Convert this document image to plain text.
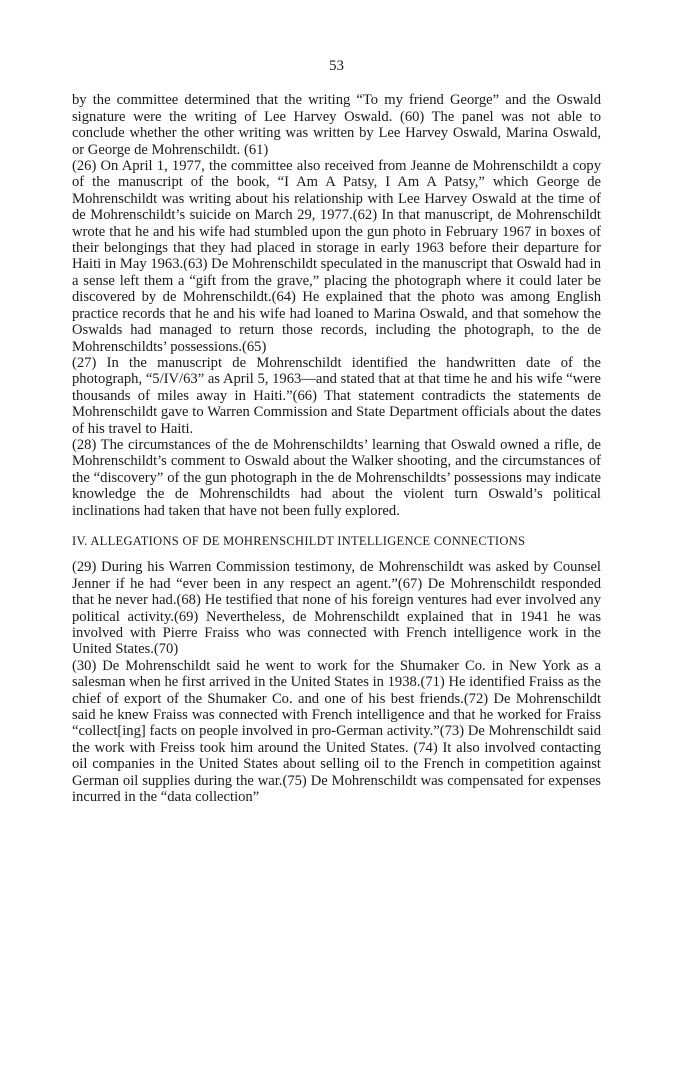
53

by the committee determined that the writing “To my friend George” and the Oswald signature were the writing of Lee Harvey Oswald. (60) The panel was not able to conclude whether the other writing was written by Lee Harvey Oswald, Marina Oswald, or George de Mohrenschildt. (61)

(26) On April 1, 1977, the committee also received from Jeanne de Mohrenschildt a copy of the manuscript of the book, “I Am A Patsy, I Am A Patsy,” which George de Mohrenschildt was writing about his relationship with Lee Harvey Oswald at the time of de Mohrenschildt’s suicide on March 29, 1977.(62) In that manuscript, de Mohrenschildt wrote that he and his wife had stumbled upon the gun photo in February 1967 in boxes of their belongings that they had placed in storage in early 1963 before their departure for Haiti in May 1963.(63) De Mohrenschildt speculated in the manuscript that Oswald had in a sense left them a “gift from the grave,” placing the photograph where it could later be discovered by de Mohrenschildt.(64) He explained that the photo was among English practice records that he and his wife had loaned to Marina Oswald, and that somehow the Oswalds had managed to return those records, including the photograph, to the de Mohrenschildts’ possessions.(65)

(27) In the manuscript de Mohrenschildt identified the handwritten date of the photograph, “5/IV/63” as April 5, 1963—and stated that at that time he and his wife “were thousands of miles away in Haiti.”(66) That statement contradicts the statements de Mohrenschildt gave to Warren Commission and State Department officials about the dates of his travel to Haiti.

(28) The circumstances of the de Mohrenschildts’ learning that Oswald owned a rifle, de Mohrenschildt’s comment to Oswald about the Walker shooting, and the circumstances of the “discovery” of the gun photograph in the de Mohrenschildts’ possessions may indicate knowledge the de Mohrenschildts had about the violent turn Oswald’s political inclinations had taken that have not been fully explored.

IV. ALLEGATIONS OF DE MOHRENSCHILDT INTELLIGENCE CONNECTIONS

(29) During his Warren Commission testimony, de Mohrenschildt was asked by Counsel Jenner if he had “ever been in any respect an agent.”(67) De Mohrenschildt responded that he never had.(68) He testified that none of his foreign ventures had ever involved any political activity.(69) Nevertheless, de Mohrenschildt explained that in 1941 he was involved with Pierre Fraiss who was connected with French intelligence work in the United States.(70)

(30) De Mohrenschildt said he went to work for the Shumaker Co. in New York as a salesman when he first arrived in the United States in 1938.(71) He identified Fraiss as the chief of export of the Shumaker Co. and one of his best friends.(72) De Mohrenschildt said he knew Fraiss was connected with French intelligence and that he worked for Fraiss “collect[ing] facts on people involved in pro-German activity.”(73) De Mohrenschildt said the work with Freiss took him around the United States. (74) It also involved contacting oil companies in the United States about selling oil to the French in competition against German oil supplies during the war.(75) De Mohrenschildt was compensated for expenses incurred in the “data collection”
